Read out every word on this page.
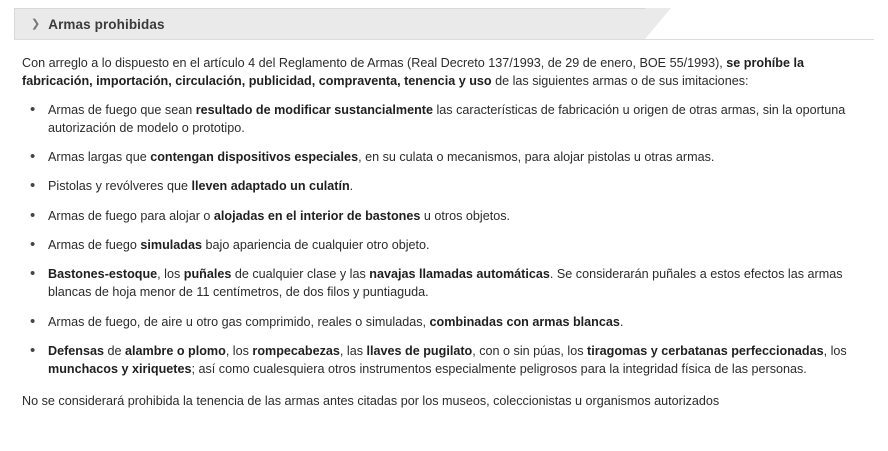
❯ Armas prohibidas

Con arreglo a lo dispuesto en el artículo 4 del Reglamento de Armas (Real Decreto 137/1993, de 29 de enero, BOE 55/1993), se prohíbe la fabricación, importación, circulación, publicidad, compraventa, tenencia y uso de las siguientes armas o de sus imitaciones:

• Armas de fuego que sean resultado de modificar sustancialmente las características de fabricación u origen de otras armas, sin la oportuna autorización de modelo o prototipo.
• Armas largas que contengan dispositivos especiales, en su culata o mecanismos, para alojar pistolas u otras armas.
• Pistolas y revólveres que lleven adaptado un culatín.
• Armas de fuego para alojar o alojadas en el interior de bastones u otros objetos.
• Armas de fuego simuladas bajo apariencia de cualquier otro objeto.
• Bastones-estoque, los puñales de cualquier clase y las navajas llamadas automáticas. Se considerarán puñales a estos efectos las armas blancas de hoja menor de 11 centímetros, de dos filos y puntiaguda.
• Armas de fuego, de aire u otro gas comprimido, reales o simuladas, combinadas con armas blancas.
• Defensas de alambre o plomo, los rompecabezas, las llaves de pugilato, con o sin púas, los tiragomas y cerbatanas perfeccionadas, los munchacos y xiriquetes; así como cualesquiera otros instrumentos especialmente peligrosos para la integridad física de las personas.

No se considerará prohibida la tenencia de las armas antes citadas por los museos, coleccionistas u organismos autorizados
